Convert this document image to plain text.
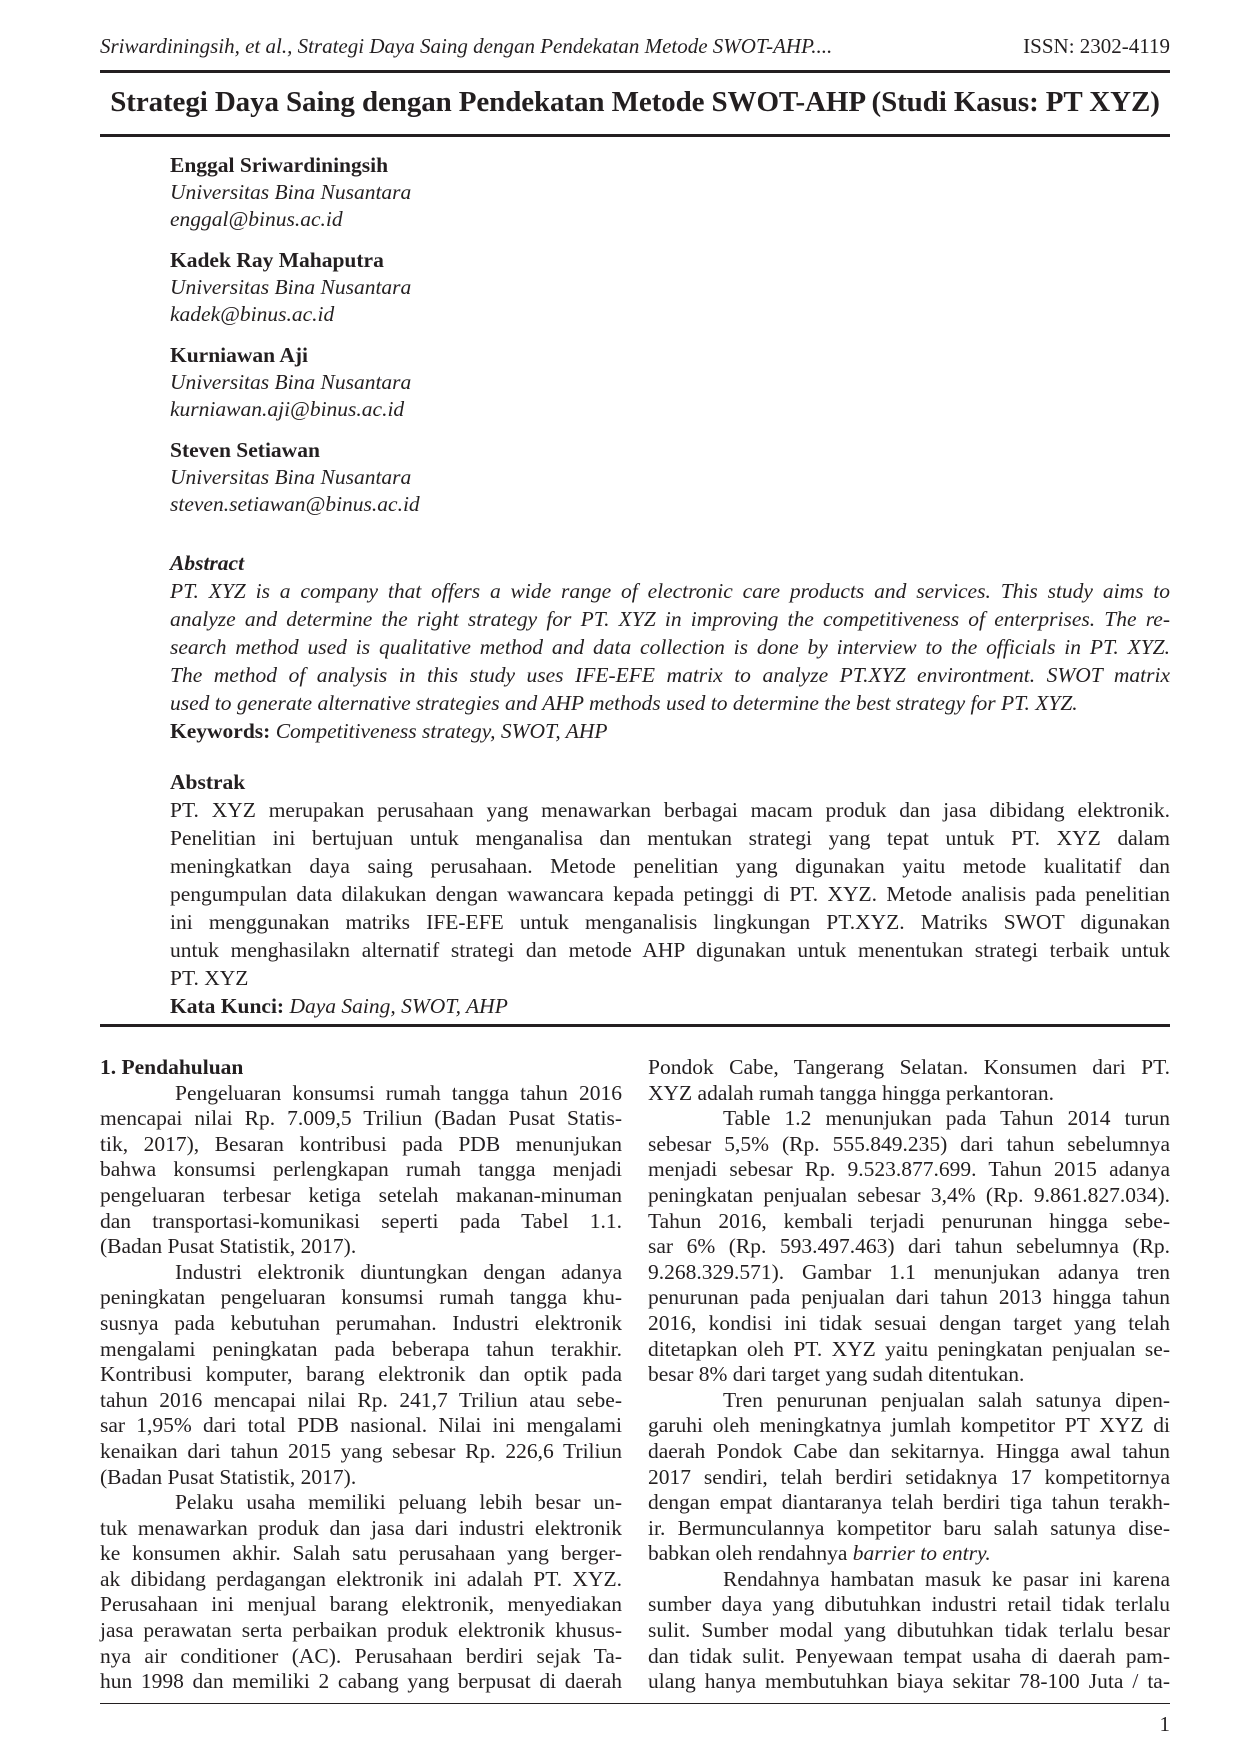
Sriwardiningsih, et al., Strategi Daya Saing dengan Pendekatan Metode SWOT-AHP....	ISSN: 2302-4119
Strategi Daya Saing dengan Pendekatan Metode SWOT-AHP (Studi Kasus: PT XYZ)
Enggal Sriwardiningsih
Universitas Bina Nusantara
enggal@binus.ac.id
Kadek Ray Mahaputra
Universitas Bina Nusantara
kadek@binus.ac.id
Kurniawan Aji
Universitas Bina Nusantara
kurniawan.aji@binus.ac.id
Steven Setiawan
Universitas Bina Nusantara
steven.setiawan@binus.ac.id
Abstract
PT. XYZ is a company that offers a wide range of electronic care products and services. This study aims to
analyze and determine the right strategy for PT. XYZ in improving the competitiveness of enterprises. The re-
search method used is qualitative method and data collection is done by interview to the officials in PT. XYZ.
The method of analysis in this study uses IFE-EFE matrix to analyze PT.XYZ environtment. SWOT matrix
used to generate alternative strategies and AHP methods used to determine the best strategy for PT. XYZ.
Keywords: Competitiveness strategy, SWOT, AHP
Abstrak
PT. XYZ merupakan perusahaan yang menawarkan berbagai macam produk dan jasa dibidang elektronik.
Penelitian ini bertujuan untuk menganalisa dan mentukan strategi yang tepat untuk PT. XYZ dalam
meningkatkan daya saing perusahaan. Metode penelitian yang digunakan yaitu metode kualitatif dan
pengumpulan data dilakukan dengan wawancara kepada petinggi di PT. XYZ. Metode analisis pada penelitian
ini menggunakan matriks IFE-EFE untuk menganalisis lingkungan PT.XYZ. Matriks SWOT digunakan
untuk menghasilakn alternatif strategi dan metode AHP digunakan untuk menentukan strategi terbaik untuk
PT. XYZ
Kata Kunci: Daya Saing, SWOT, AHP
1. Pendahuluan
Pengeluaran konsumsi rumah tangga tahun 2016
mencapai nilai Rp. 7.009,5 Triliun (Badan Pusat Statis-
tik, 2017), Besaran kontribusi pada PDB menunjukan
bahwa konsumsi perlengkapan rumah tangga menjadi
pengeluaran terbesar ketiga setelah makanan-minuman
dan transportasi-komunikasi seperti pada Tabel 1.1.
(Badan Pusat Statistik, 2017).
Industri elektronik diuntungkan dengan adanya
peningkatan pengeluaran konsumsi rumah tangga khu-
susnya pada kebutuhan perumahan. Industri elektronik
mengalami peningkatan pada beberapa tahun terakhir.
Kontribusi komputer, barang elektronik dan optik pada
tahun 2016 mencapai nilai Rp. 241,7 Triliun atau sebe-
sar 1,95% dari total PDB nasional. Nilai ini mengalami
kenaikan dari tahun 2015 yang sebesar Rp. 226,6 Triliun
(Badan Pusat Statistik, 2017).
Pelaku usaha memiliki peluang lebih besar un-
tuk menawarkan produk dan jasa dari industri elektronik
ke konsumen akhir. Salah satu perusahaan yang berger-
ak dibidang perdagangan elektronik ini adalah PT. XYZ.
Perusahaan ini menjual barang elektronik, menyediakan
jasa perawatan serta perbaikan produk elektronik khusus-
nya air conditioner (AC). Perusahaan berdiri sejak Ta-
hun 1998 dan memiliki 2 cabang yang berpusat di daerah
Pondok Cabe, Tangerang Selatan. Konsumen dari PT.
XYZ adalah rumah tangga hingga perkantoran.
Table 1.2 menunjukan pada Tahun 2014 turun
sebesar 5,5% (Rp. 555.849.235) dari tahun sebelumnya
menjadi sebesar Rp. 9.523.877.699. Tahun 2015 adanya
peningkatan penjualan sebesar 3,4% (Rp. 9.861.827.034).
Tahun 2016, kembali terjadi penurunan hingga sebe-
sar 6% (Rp. 593.497.463) dari tahun sebelumnya (Rp.
9.268.329.571). Gambar 1.1 menunjukan adanya tren
penurunan pada penjualan dari tahun 2013 hingga tahun
2016, kondisi ini tidak sesuai dengan target yang telah
ditetapkan oleh PT. XYZ yaitu peningkatan penjualan se-
besar 8% dari target yang sudah ditentukan.
Tren penurunan penjualan salah satunya dipen-
garuhi oleh meningkatnya jumlah kompetitor PT XYZ di
daerah Pondok Cabe dan sekitarnya. Hingga awal tahun
2017 sendiri, telah berdiri setidaknya 17 kompetitornya
dengan empat diantaranya telah berdiri tiga tahun terakh-
ir. Bermunculannya kompetitor baru salah satunya dise-
babkan oleh rendahnya barrier to entry.
Rendahnya hambatan masuk ke pasar ini karena
sumber daya yang dibutuhkan industri retail tidak terlalu
sulit. Sumber modal yang dibutuhkan tidak terlalu besar
dan tidak sulit. Penyewaan tempat usaha di daerah pam-
ulang hanya membutuhkan biaya sekitar 78-100 Juta / ta-
1
